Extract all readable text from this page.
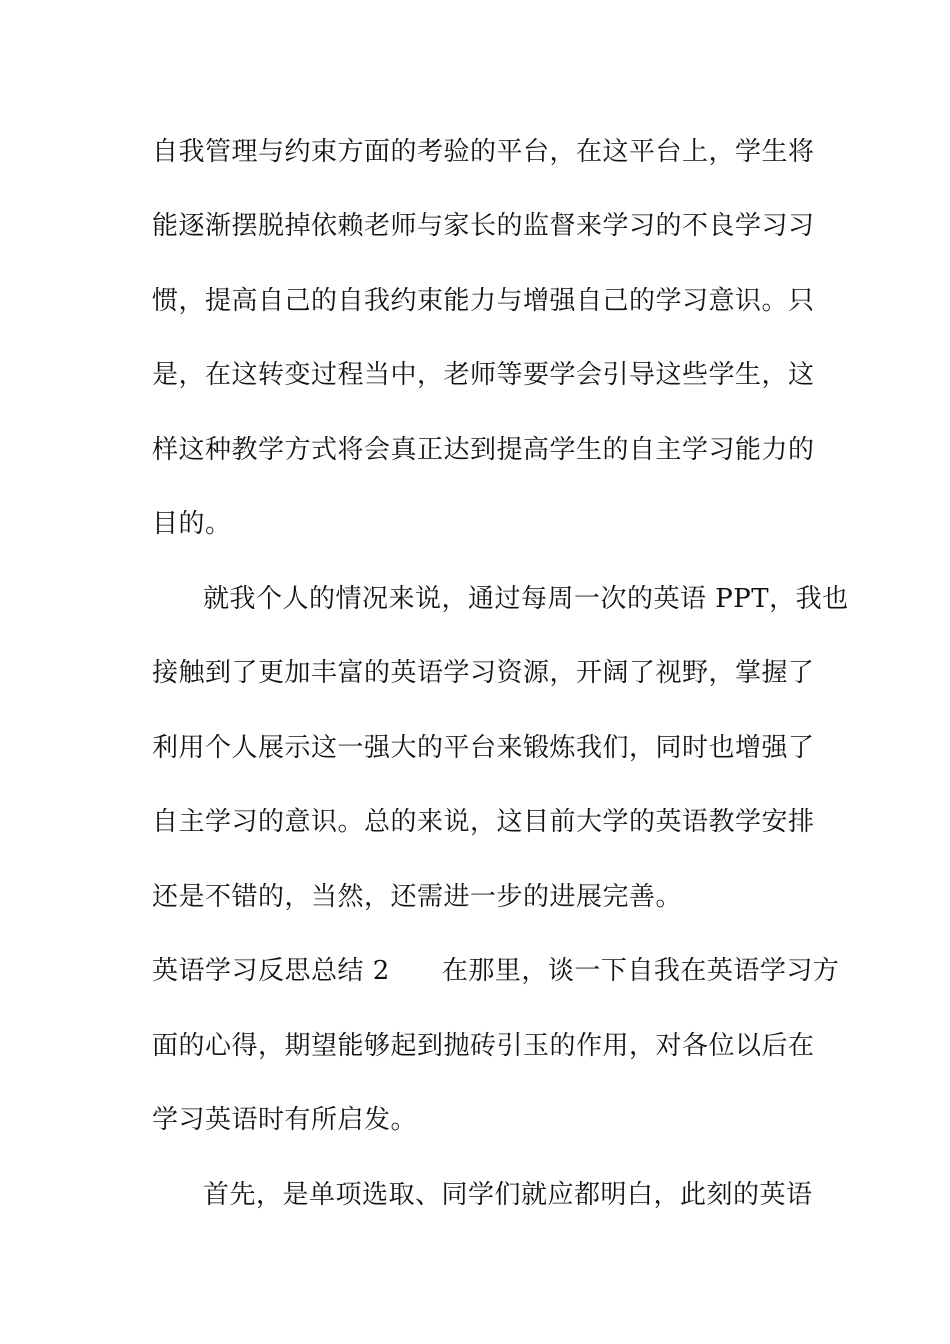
自我管理与约束方面的考验的平台，在这平台上，学生将
能逐渐摆脱掉依赖老师与家长的监督来学习的不良学习习
惯，提高自己的自我约束能力与增强自己的学习意识。只
是，在这转变过程当中，老师等要学会引导这些学生，这
样这种教学方式将会真正达到提高学生的自主学习能力的
目的。
就我个人的情况来说，通过每周一次的英语 PPT，我也
接触到了更加丰富的英语学习资源，开阔了视野，掌握了
利用个人展示这一强大的平台来锻炼我们，同时也增强了
自主学习的意识。总的来说，这目前大学的英语教学安排
还是不错的，当然，还需进一步的进展完善。
英语学习反思总结 2 在那里，谈一下自我在英语学习方
面的心得，期望能够起到抛砖引玉的作用，对各位以后在
学习英语时有所启发。
首先，是单项选取、同学们就应都明白，此刻的英语
